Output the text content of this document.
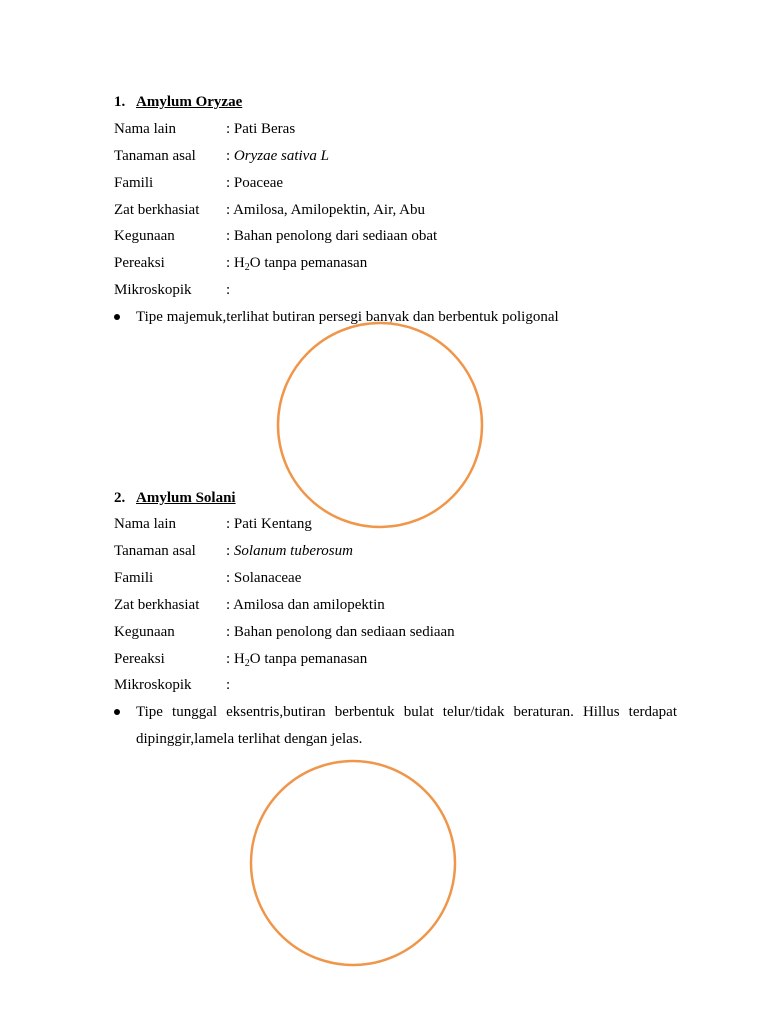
1. Amylum Oryzae
Nama lain	: Pati Beras
Tanaman asal : Oryzae sativa L
Famili	: Poaceae
Zat berkhasiat : Amilosa, Amilopektin, Air, Abu
Kegunaan	: Bahan penolong dari sediaan obat
Pereaksi	: $H_2O$ tanpa pemanasan
Mikroskopik :
Tipe majemuk,terlihat butiran persegi banyak dan berbentuk poligonal
2. Amylum Solani
Nama lain	: Pati Kentang
Tanaman asal : Solanum tuberosum
Famili	: Solanaceae
Zat berkhasiat : Amilosa dan amilopektin
Kegunaan	: Bahan penolong dan sediaan sediaan
Pereaksi	: $H_2O$ tanpa pemanasan
Mikroskopik :
Tipe tunggal eksentris,butiran berbentuk bulat telur/tidak beraturan. Hillus terdapat dipinggir,lamela terlihat dengan jelas.
